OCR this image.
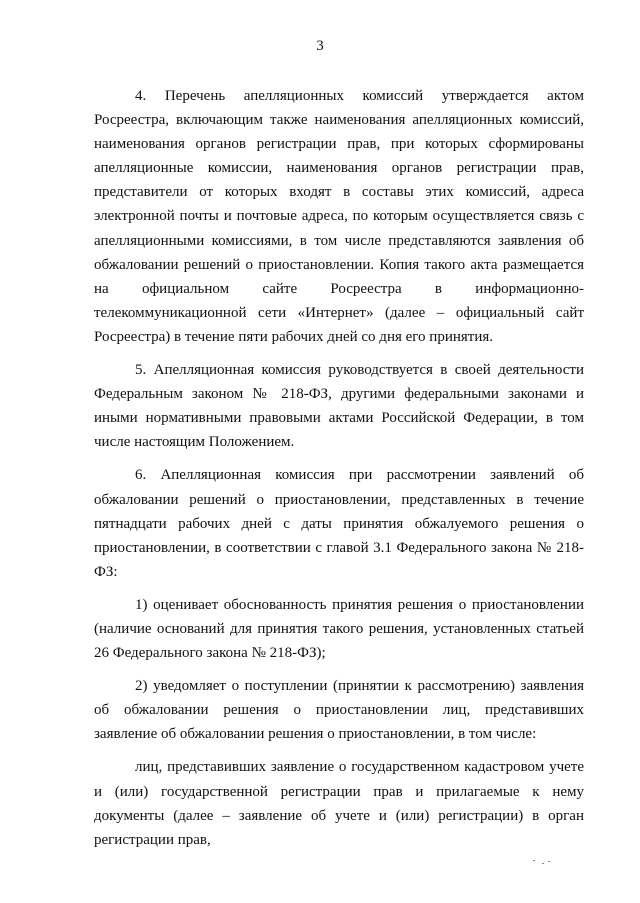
3

4. Перечень апелляционных комиссий утверждается актом Росреестра, включающим также наименования апелляционных комиссий, наименования органов регистрации прав, при которых сформированы апелляционные комиссии, наименования органов регистрации прав, представители от которых входят в составы этих комиссий, адреса электронной почты и почтовые адреса, по которым осуществляется связь с апелляционными комиссиями, в том числе представляются заявления об обжаловании решений о приостановлении. Копия такого акта размещается на официальном сайте Росреестра в информационно-телекоммуникационной сети «Интернет» (далее – официальный сайт Росреестра) в течение пяти рабочих дней со дня его принятия.

5. Апелляционная комиссия руководствуется в своей деятельности Федеральным законом № 218-ФЗ, другими федеральными законами и иными нормативными правовыми актами Российской Федерации, в том числе настоящим Положением.

6. Апелляционная комиссия при рассмотрении заявлений об обжаловании решений о приостановлении, представленных в течение пятнадцати рабочих дней с даты принятия обжалуемого решения о приостановлении, в соответствии с главой 3.1 Федерального закона № 218-ФЗ:

1) оценивает обоснованность принятия решения о приостановлении (наличие оснований для принятия такого решения, установленных статьей 26 Федерального закона № 218-ФЗ);

2) уведомляет о поступлении (принятии к рассмотрению) заявления об обжаловании решения о приостановлении лиц, представивших заявление об обжаловании решения о приостановлении, в том числе:

лиц, представивших заявление о государственном кадастровом учете и (или) государственной регистрации прав и прилагаемые к нему документы (далее – заявление об учете и (или) регистрации) в орган регистрации прав,
